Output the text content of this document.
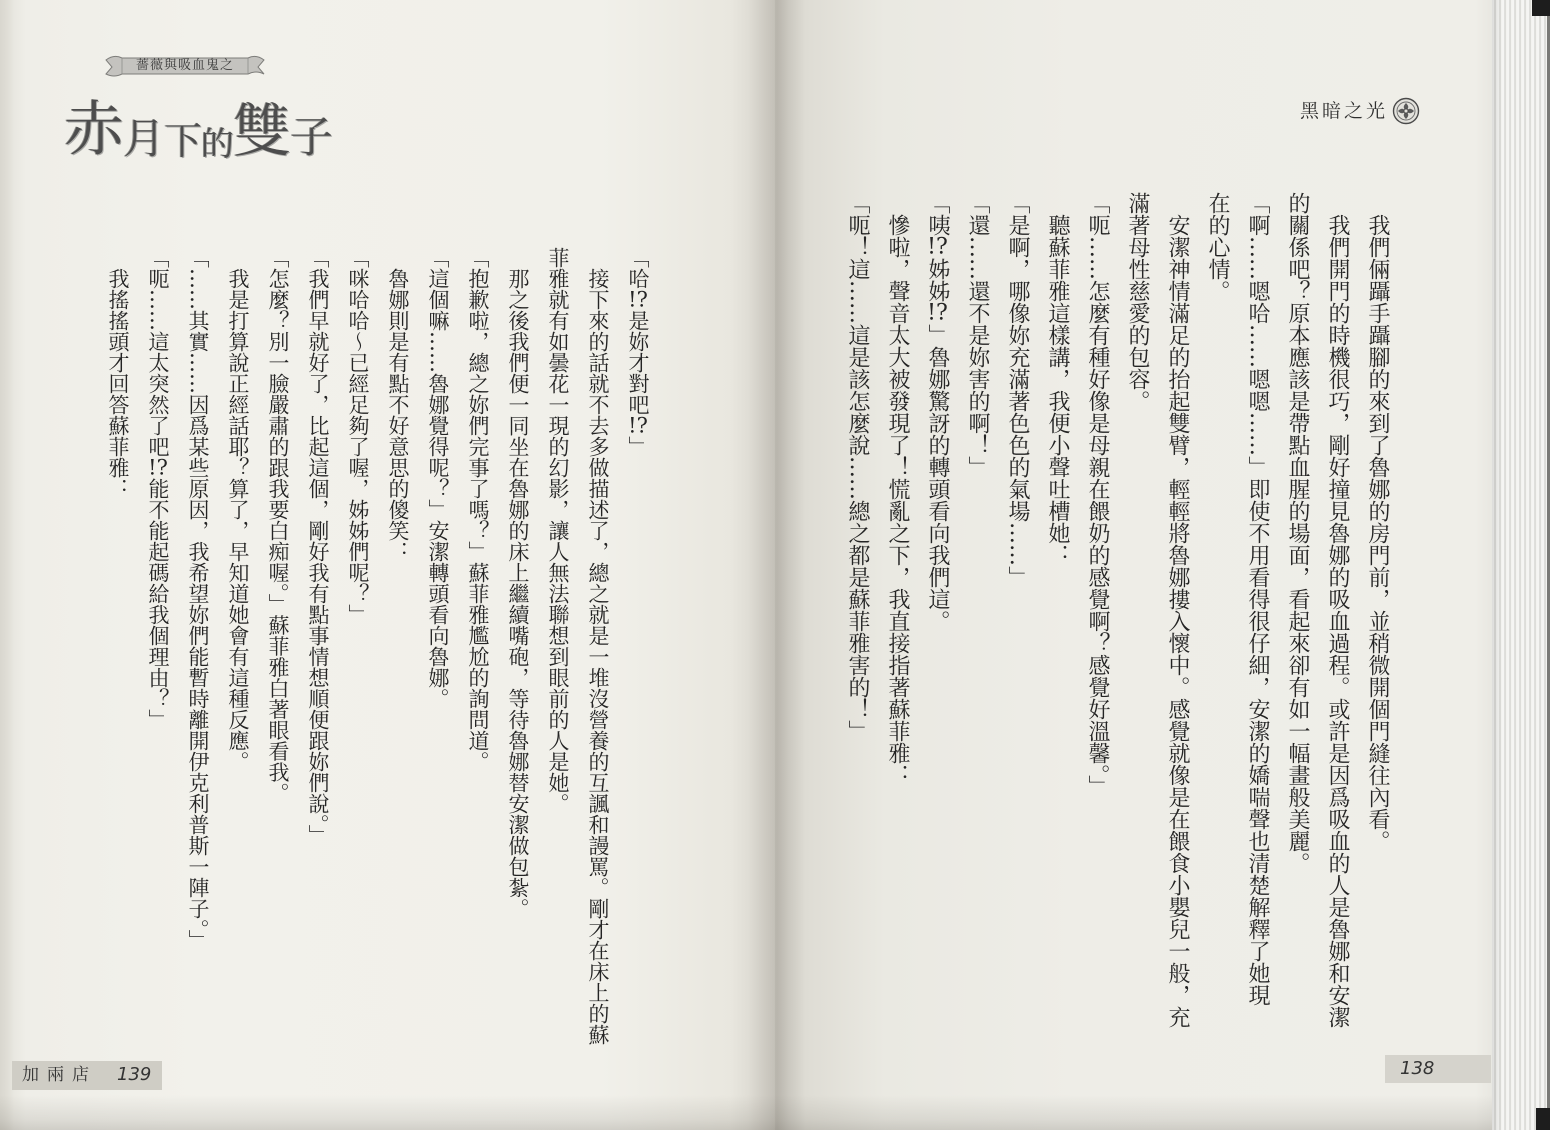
薔薇與吸血鬼之
赤 月 下 的 雙 子
黑暗之光
我們倆躡手躡腳的來到了魯娜的房門前，並稍微開個門縫往內看。
我們開門的時機很巧，剛好撞見魯娜的吸血過程。或許是因爲吸血的人是魯娜和安潔
的關係吧？原本應該是帶點血腥的場面，看起來卻有如一幅畫般美麗。
「啊……嗯哈……嗯嗯……」即使不用看得很仔細，安潔的嬌喘聲也清楚解釋了她現
在的心情。
安潔神情滿足的抬起雙臂，輕輕將魯娜摟入懷中。感覺就像是在餵食小嬰兒一般，充
滿著母性慈愛的包容。
「呃……怎麼有種好像是母親在餵奶的感覺啊？感覺好溫馨。」
聽蘇菲雅這樣講，我便小聲吐槽她：
「是啊，哪像妳充滿著色色的氣場……」
「還……還不是妳害的啊！」
「咦!?姊姊!?」魯娜驚訝的轉頭看向我們這。
慘啦，聲音太大被發現了！慌亂之下，我直接指著蘇菲雅：
「呃！這……這是該怎麼說……總之都是蘇菲雅害的！」
「哈!?是妳才對吧!?」
接下來的話就不去多做描述了，總之就是一堆沒營養的互諷和謾罵。剛才在床上的蘇
菲雅就有如曇花一現的幻影，讓人無法聯想到眼前的人是她。
那之後我們便一同坐在魯娜的床上繼續嘴砲，等待魯娜替安潔做包紮。
「抱歉啦，總之妳們完事了嗎？」蘇菲雅尷尬的詢問道。
「這個嘛……魯娜覺得呢？」安潔轉頭看向魯娜。
魯娜則是有點不好意思的傻笑：
「咪哈哈～已經足夠了喔，姊姊們呢？」
「我們早就好了，比起這個，剛好我有點事情想順便跟妳們說。」
「怎麼？別一臉嚴肅的跟我要白痴喔。」蘇菲雅白著眼看我。
我是打算說正經話耶？算了，早知道她會有這種反應。
「……其實……因爲某些原因，我希望妳們能暫時離開伊克利普斯一陣子。」
「呃……這太突然了吧!?能不能起碼給我個理由？」
我搖搖頭才回答蘇菲雅：
加兩店 139	138
